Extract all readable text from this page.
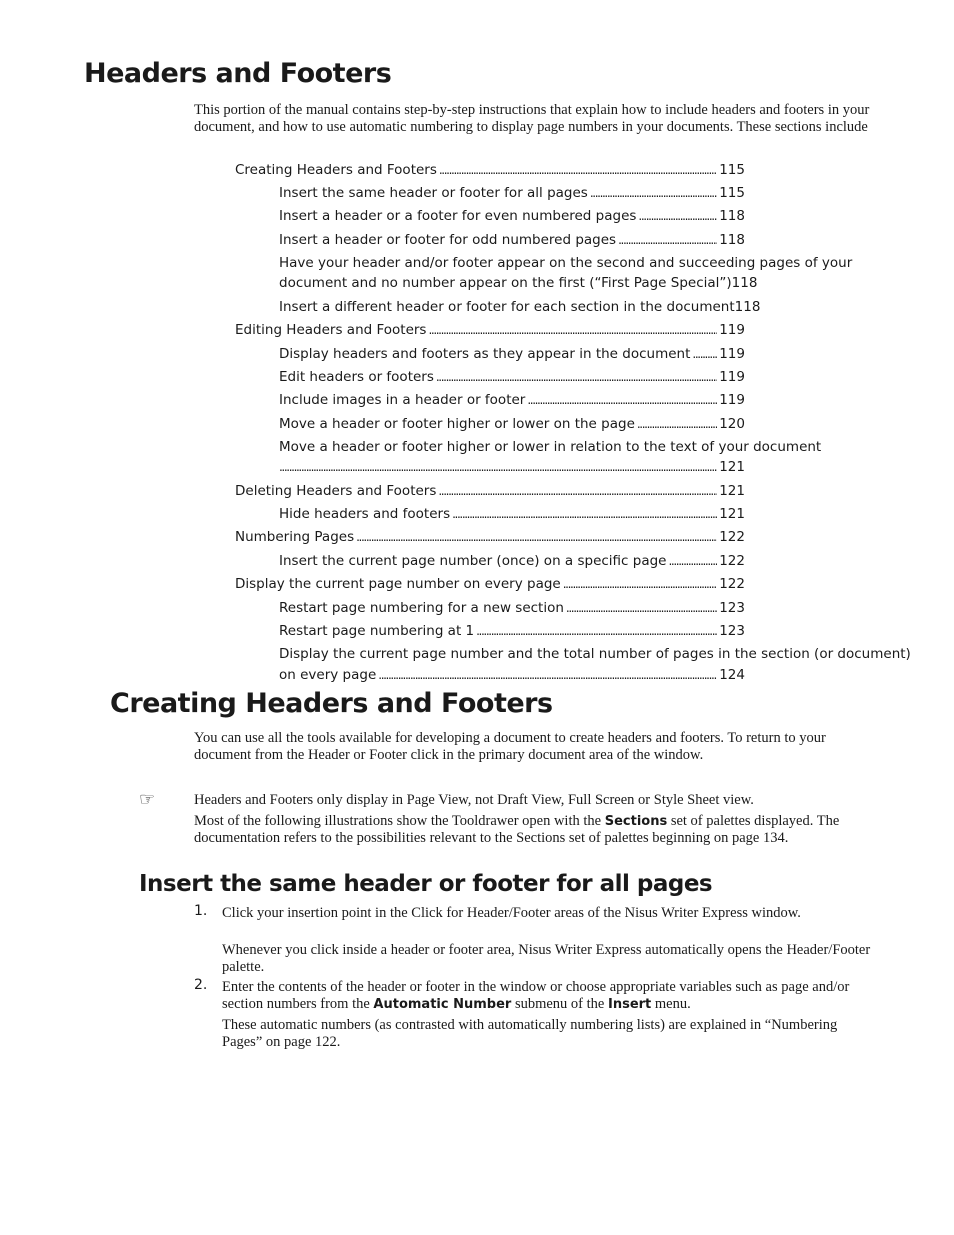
Headers and Footers

This portion of the manual contains step-by-step instructions that explain how to include headers and footers in your document, and how to use automatic numbering to display page numbers in your documents. These sections include

Creating Headers and Footers . . .	115
Insert the same header or footer for all pages . . .	115
Insert a header or a footer for even numbered pages . . .	118
Insert a header or footer for odd numbered pages . . .	118
Have your header and/or footer appear on the second and succeeding pages of your
document and no number appear on the first (“First Page Special”)118
Insert a different header or footer for each section in the document118
Editing Headers and Footers . . .	119
Display headers and footers as they appear in the document . . . 119
Edit headers or footers . . .	119
Include images in a header or footer . . .	119
Move a header or footer higher or lower on the page . . .	120
Move a header or footer higher or lower in relation to the text of your document
. . .
121
Deleting Headers and Footers . . .	121
Hide headers and footers . . .	121
Numbering Pages . . .	122
Insert the current page number (once) on a specific page . . .	122
Display the current page number on every page . . .	122
Restart page numbering for a new section . . .	123
Restart page numbering at 1 . . .	123
Display the current page number and the total number of pages in the section (or document)
on every page . . .	124
Creating Headers and Footers

You can use all the tools available for developing a document to create headers and footers. To return to your document from the Header or Footer click in the primary document area of the window.

☞	Headers and Footers only display in Page View, not Draft View, Full Screen or Style Sheet view.

Most of the following illustrations show the Tooldrawer open with the Sections set of palettes displayed. The documentation refers to the possibilities relevant to the Sections set of palettes beginning on page 134.

Insert the same header or footer for all pages
1. Click your insertion point in the Click for Header/Footer areas of the Nisus Writer Express window.

Whenever you click inside a header or footer area, Nisus Writer Express automatically opens the Header/Footer palette.

2. Enter the contents of the header or footer in the window or choose appropriate variables such as page and/or section numbers from the Automatic Number submenu of the Insert menu.

These automatic numbers (as contrasted with automatically numbering lists) are explained in “Numbering Pages” on page 122.
